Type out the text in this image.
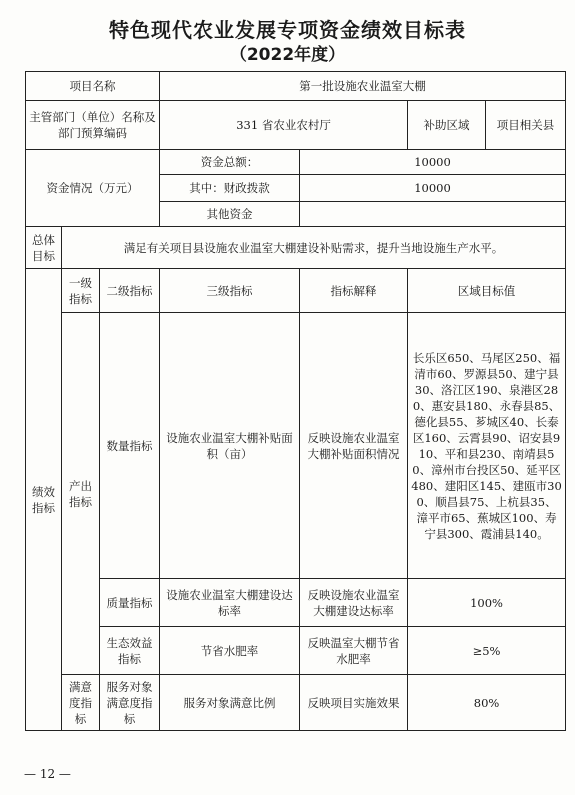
特色现代农业发展专项资金绩效目标表
（2022年度）
项目名称			第一批设施农业温室大棚			
主管部门（单位）名称及部门预算编码			331 省农业农村厅		补助区域	项目相关县
资金情况（万元）			资金总额：	10000		
			其中：财政拨款	10000		
			其他资金			
总体目标	满足有关项目县设施农业温室大棚建设补贴需求，提升当地设施生产水平。					
绩效指标	一级指标	二级指标	三级指标	指标解释	区域目标值	
	产出指标	数量指标	设施农业温室大棚补贴面积（亩）	反映设施农业温室大棚补贴面积情况	长乐区650、马尾区250、福清市60、罗源县50、建宁县30、洛江区190、泉港区280、惠安县180、永春县85、德化县55、芗城区40、长泰区160、云霄县90、诏安县910、平和县230、南靖县50、漳州市台投区50、延平区480、建阳区145、建瓯市300、顺昌县75、上杭县35、漳平市65、蕉城区100、寿宁县300、霞浦县140。	
		质量指标	设施农业温室大棚建设达标率	反映设施农业温室大棚建设达标率	100%	
		生态效益指标	节省水肥率	反映温室大棚节省水肥率	≥5%	
	满意度指标	服务对象满意度指标	服务对象满意比例	反映项目实施效果	80%	
— 12 —
